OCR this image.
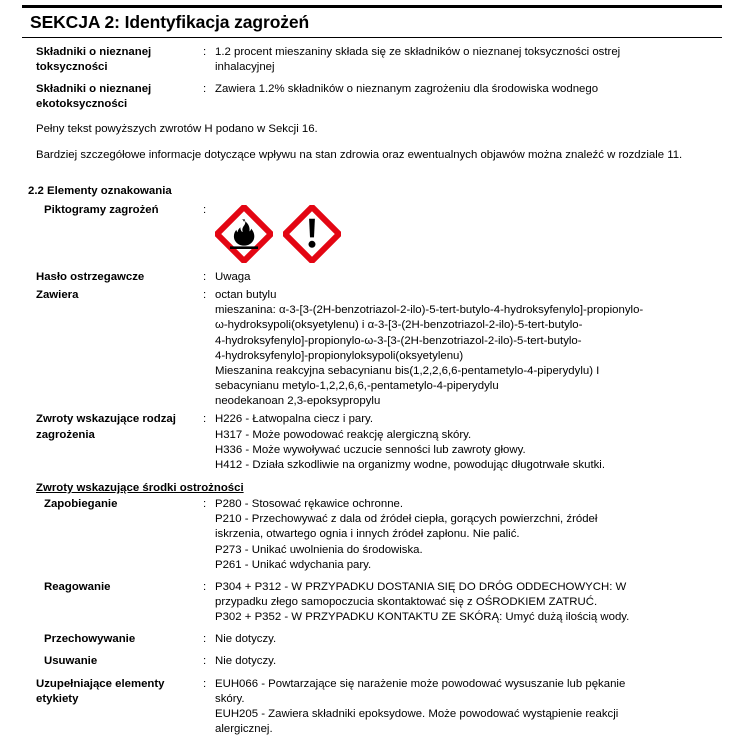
SEKCJA 2: Identyfikacja zagrożeń
Składniki o nieznanej toksyczności
: 1.2 procent mieszaniny składa się ze składników o nieznanej toksyczności ostrej
inhalacyjnej
Składniki o nieznanej ekotoksyczności
: Zawiera 1.2% składników o nieznanym zagrożeniu dla środowiska wodnego
Pełny tekst powyższych zwrotów H podano w Sekcji 16.
Bardziej szczegółowe informacje dotyczące wpływu na stan zdrowia oraz ewentualnych objawów można znaleźć w rozdziale 11.
2.2 Elementy oznakowania
Piktogramy zagrożeń	:
Hasło ostrzegawcze	: Uwaga
Zawiera	: octan butylu
mieszanina: α-3-[3-(2H-benzotriazol-2-ilo)-5-tert-butylo-4-hydroksyfenylo]-propionylo-
ω-hydroksypoli(oksyetylenu) i α-3-[3-(2H-benzotriazol-2-ilo)-5-tert-butylo-
4-hydroksyfenylo]-propionylo-ω-3-[3-(2H-benzotriazol-2-ilo)-5-tert-butylo-
4-hydroksyfenylo]-propionyloksypoli(oksyetylenu)
Mieszanina reakcyjna sebacynianu bis(1,2,2,6,6-pentametylo-4-piperydylu) I
sebacynianu metylo-1,2,2,6,6,-pentametylo-4-piperydylu
neodekanoan 2,3-epoksypropylu
Zwroty wskazujące rodzaj zagrożenia
: H226 - Łatwopalna ciecz i pary.
H317 - Może powodować reakcję alergiczną skóry.
H336 - Może wywoływać uczucie senności lub zawroty głowy.
H412 - Działa szkodliwie na organizmy wodne, powodując długotrwałe skutki.
Zwroty wskazujące środki ostrożności
Zapobieganie	: P280 - Stosować rękawice ochronne.
P210 - Przechowywać z dala od źródeł ciepła, gorących powierzchni, źródeł
iskrzenia, otwartego ognia i innych źródeł zapłonu. Nie palić.
P273 - Unikać uwolnienia do środowiska.
P261 - Unikać wdychania pary.
Reagowanie	: P304 + P312 - W PRZYPADKU DOSTANIA SIĘ DO DRÓG ODDECHOWYCH: W
przypadku złego samopoczucia skontaktować się z OŚRODKIEM ZATRUĆ.
P302 + P352 - W PRZYPADKU KONTAKTU ZE SKÓRĄ: Umyć dużą ilością wody.
Przechowywanie	: Nie dotyczy.
Usuwanie	: Nie dotyczy.
Uzupełniające elementy etykiety
: EUH066 - Powtarzające się narażenie może powodować wysuszanie lub pękanie
skóry.
EUH205 - Zawiera składniki epoksydowe. Może powodować wystąpienie reakcji
alergicznej.
